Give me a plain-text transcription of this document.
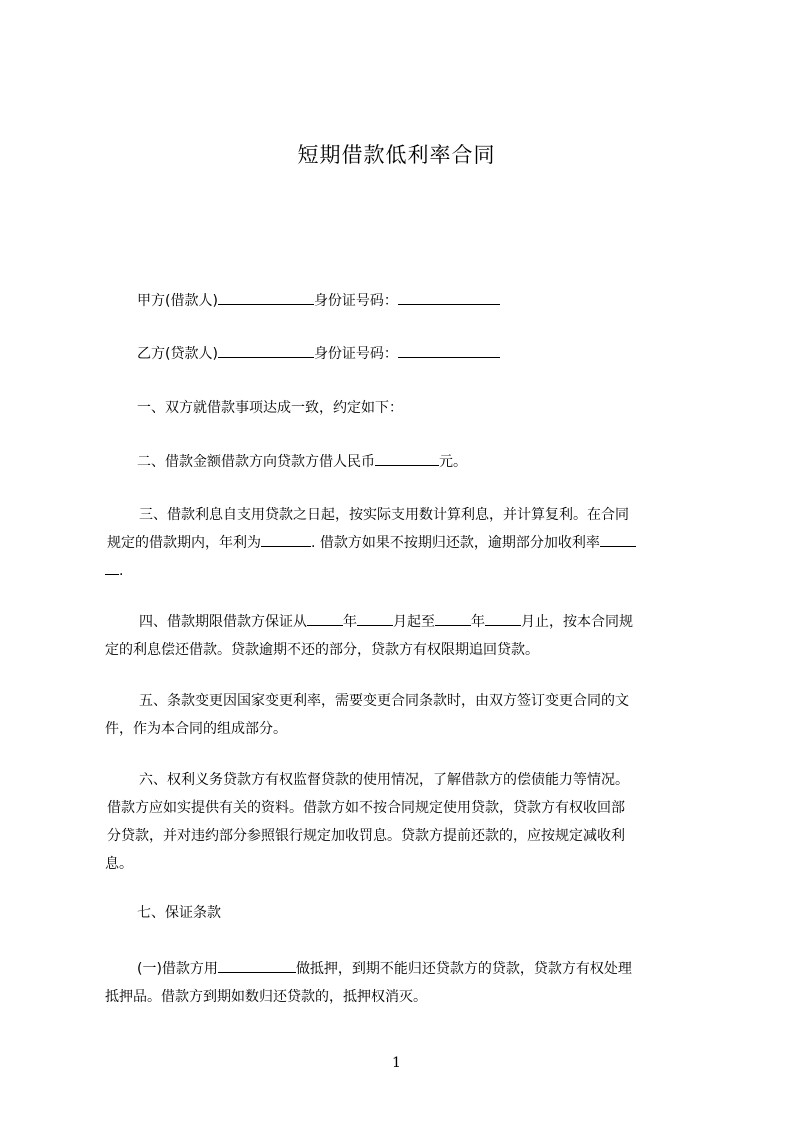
短期借款低利率合同
甲方(借款人)	身份证号码：
乙方(贷款人)	身份证号码：
一、双方就借款事项达成一致，约定如下：
二、借款金额借款方向贷款方借人民币	元。
三、借款利息自支用贷款之日起，按实际支用数计算利息，并计算复利。在合同
规定的借款期内，年利为	. 借款方如果不按期归还款，逾期部分加收利率
.
四、借款期限借款方保证从	年	月起至	年	月止，按本合同规
定的利息偿还借款。贷款逾期不还的部分，贷款方有权限期追回贷款。
五、条款变更因国家变更利率，需要变更合同条款时，由双方签订变更合同的文
件，作为本合同的组成部分。
六、权利义务贷款方有权监督贷款的使用情况，了解借款方的偿债能力等情况。
借款方应如实提供有关的资料。借款方如不按合同规定使用贷款，贷款方有权收回部
分贷款，并对违约部分参照银行规定加收罚息。贷款方提前还款的，应按规定减收利
息。
七、保证条款
(一)借款方用	做抵押，到期不能归还贷款方的贷款，贷款方有权处理
抵押品。借款方到期如数归还贷款的，抵押权消灭。
1
